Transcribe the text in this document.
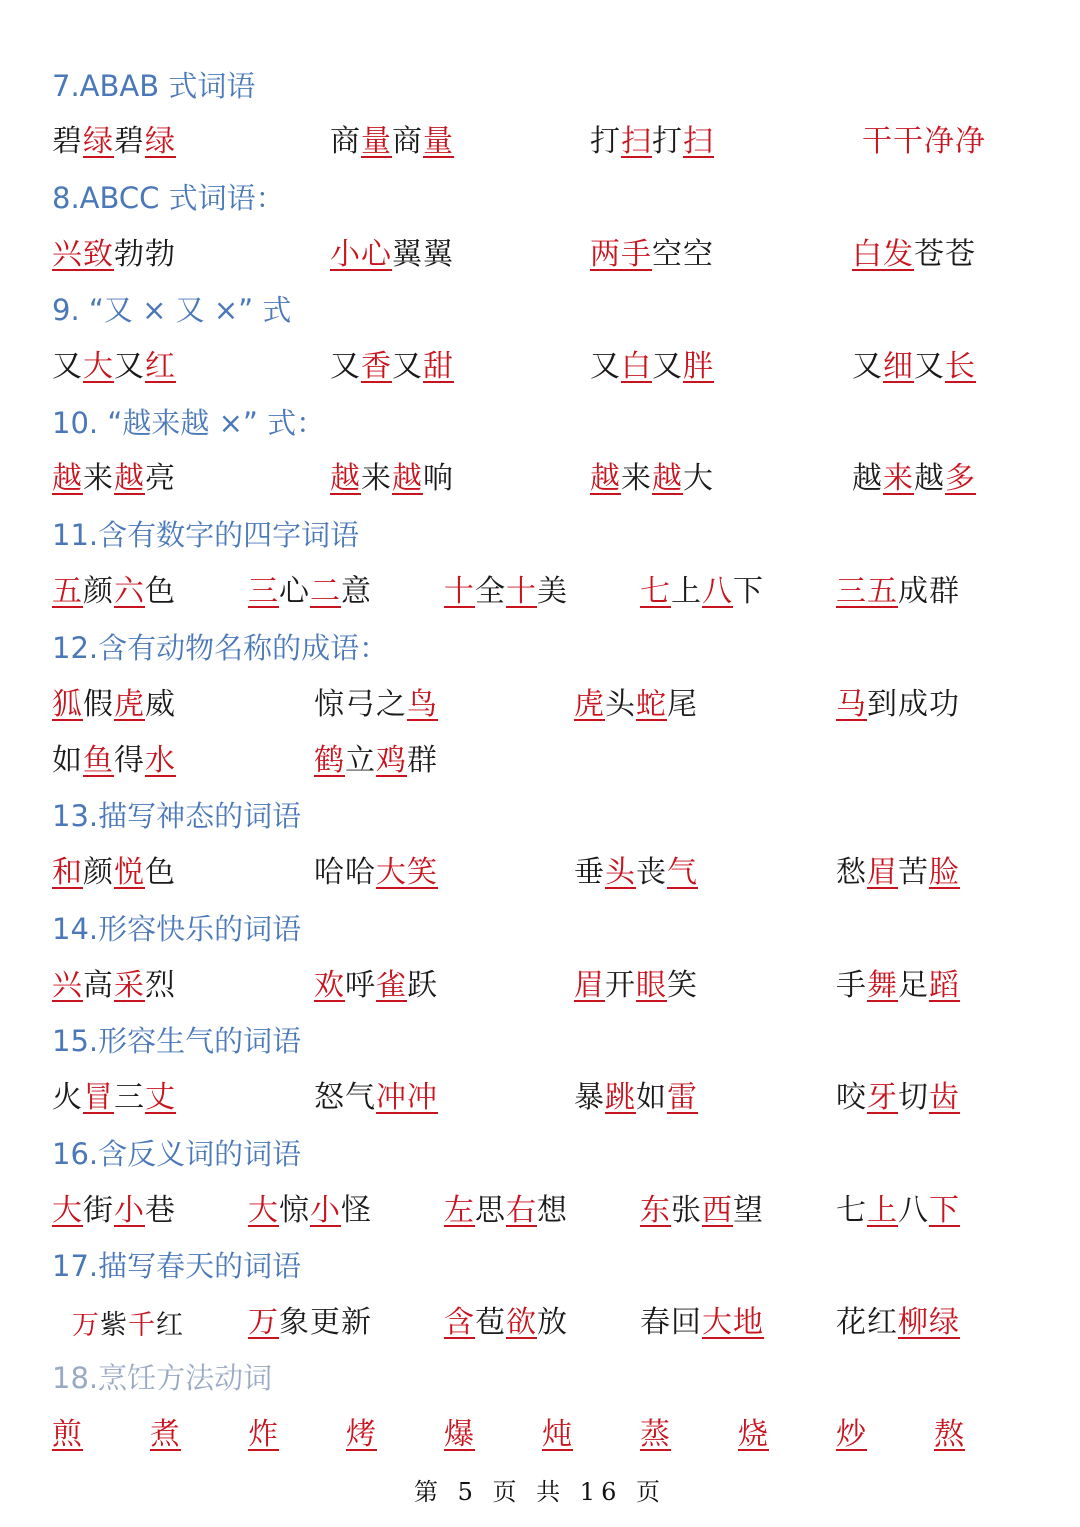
7.ABAB 式词语
碧绿碧绿	商量商量	打扫打扫	干干净净
8.ABCC 式词语：
兴致勃勃	小心翼翼	两手空空	白发苍苍
9. “又 × 又 ×” 式
又大又红	又香又甜	又白又胖	又细又长
10. “越来越 ×” 式：
越来越亮	越来越响	越来越大	越来越多
11.含有数字的四字词语
五颜六色 三心二意 十全十美 七上八下 三五成群
12.含有动物名称的成语：
狐假虎威	惊弓之鸟	虎头蛇尾	马到成功
如鱼得水	鹤立鸡群
13.描写神态的词语
和颜悦色	哈哈大笑	垂头丧气	愁眉苦脸
14.形容快乐的词语
兴高采烈	欢呼雀跃	眉开眼笑	手舞足蹈
15.形容生气的词语
火冒三丈	怒气冲冲	暴跳如雷	咬牙切齿
16.含反义词的词语
大街小巷 大惊小怪 左思右想 东张西望 七上八下
17.描写春天的词语
万紫千红 万象更新 含苞欲放 春回大地 花红柳绿
18.烹饪方法动词
煎 煮 炸 烤 爆 炖 蒸 烧 炒 熬
第 5 页 共 16 页
